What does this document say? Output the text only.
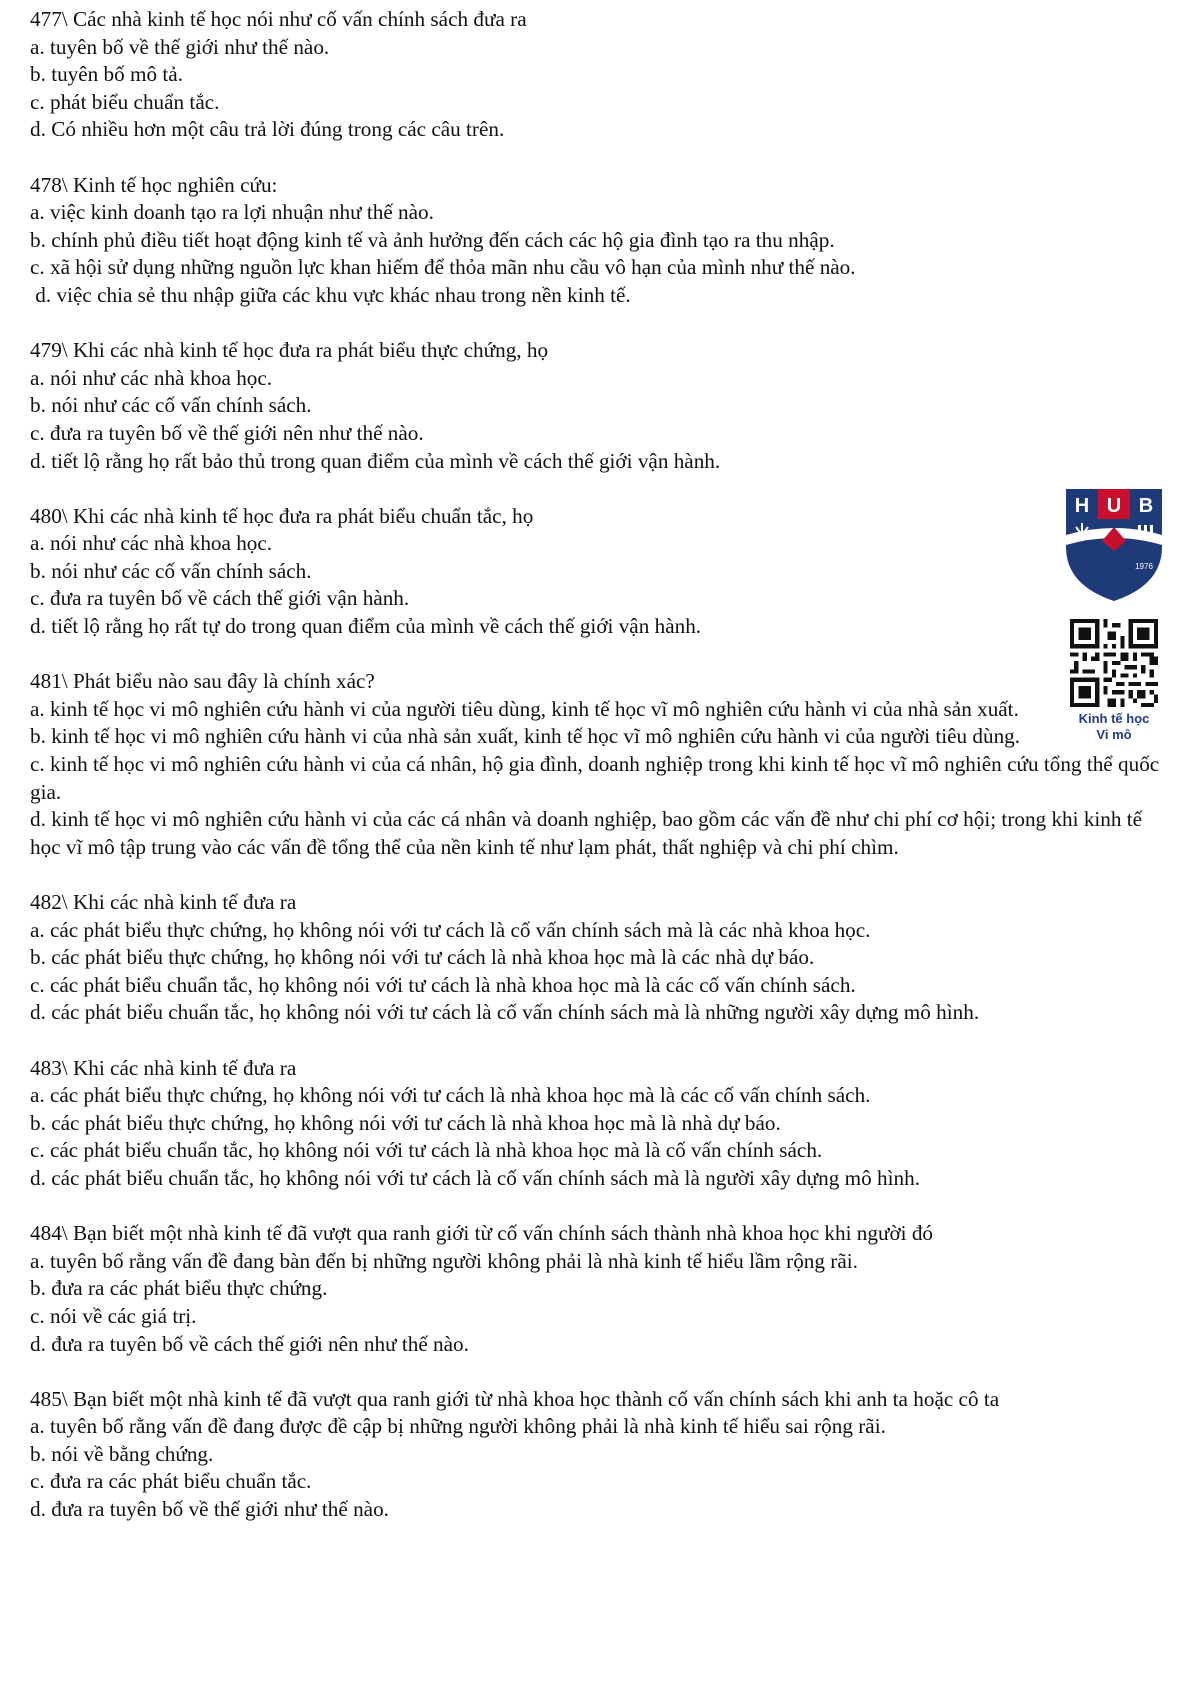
477\ Các nhà kinh tế học nói như cố vấn chính sách đưa ra

a. tuyên bố về thế giới như thế nào.

b. tuyên bố mô tả.

c. phát biểu chuẩn tắc.

d. Có nhiều hơn một câu trả lời đúng trong các câu trên.

478\ Kinh tế học nghiên cứu:

a. việc kinh doanh tạo ra lợi nhuận như thế nào.

b. chính phủ điều tiết hoạt động kinh tế và ảnh hưởng đến cách các hộ gia đình tạo ra thu nhập.

c. xã hội sử dụng những nguồn lực khan hiếm để thỏa mãn nhu cầu vô hạn của mình như thế nào.

d. việc chia sẻ thu nhập giữa các khu vực khác nhau trong nền kinh tế.

479\ Khi các nhà kinh tế học đưa ra phát biểu thực chứng, họ

a. nói như các nhà khoa học.

b. nói như các cố vấn chính sách.

c. đưa ra tuyên bố về thế giới nên như thế nào.

d. tiết lộ rằng họ rất bảo thủ trong quan điểm của mình về cách thế giới vận hành.

480\ Khi các nhà kinh tế học đưa ra phát biểu chuẩn tắc, họ

a. nói như các nhà khoa học.

b. nói như các cố vấn chính sách.

c. đưa ra tuyên bố về cách thế giới vận hành.

d. tiết lộ rằng họ rất tự do trong quan điểm của mình về cách thế giới vận hành.

481\ Phát biểu nào sau đây là chính xác?

a. kinh tế học vi mô nghiên cứu hành vi của người tiêu dùng, kinh tế học vĩ mô nghiên cứu hành vi của nhà sản xuất.

b. kinh tế học vi mô nghiên cứu hành vi của nhà sản xuất, kinh tế học vĩ mô nghiên cứu hành vi của người tiêu dùng.

c. kinh tế học vi mô nghiên cứu hành vi của cá nhân, hộ gia đình, doanh nghiệp trong khi kinh tế học vĩ mô nghiên cứu tổng thể quốc gia.

d. kinh tế học vi mô nghiên cứu hành vi của các cá nhân và doanh nghiệp, bao gồm các vấn đề như chi phí cơ hội; trong khi kinh tế học vĩ mô tập trung vào các vấn đề tổng thể của nền kinh tế như lạm phát, thất nghiệp và chi phí chìm.

482\ Khi các nhà kinh tế đưa ra

a. các phát biểu thực chứng, họ không nói với tư cách là cố vấn chính sách mà là các nhà khoa học.

b. các phát biểu thực chứng, họ không nói với tư cách là nhà khoa học mà là các nhà dự báo.

c. các phát biểu chuẩn tắc, họ không nói với tư cách là nhà khoa học mà là các cố vấn chính sách.

d. các phát biểu chuẩn tắc, họ không nói với tư cách là cố vấn chính sách mà là những người xây dựng mô hình.

483\ Khi các nhà kinh tế đưa ra

a. các phát biểu thực chứng, họ không nói với tư cách là nhà khoa học mà là các cố vấn chính sách.

b. các phát biểu thực chứng, họ không nói với tư cách là nhà khoa học mà là nhà dự báo.

c. các phát biểu chuẩn tắc, họ không nói với tư cách là nhà khoa học mà là cố vấn chính sách.

d. các phát biểu chuẩn tắc, họ không nói với tư cách là cố vấn chính sách mà là người xây dựng mô hình.

484\ Bạn biết một nhà kinh tế đã vượt qua ranh giới từ cố vấn chính sách thành nhà khoa học khi người đó

a. tuyên bố rằng vấn đề đang bàn đến bị những người không phải là nhà kinh tế hiểu lầm rộng rãi.

b. đưa ra các phát biểu thực chứng.

c. nói về các giá trị.

d. đưa ra tuyên bố về cách thế giới nên như thế nào.

485\ Bạn biết một nhà kinh tế đã vượt qua ranh giới từ nhà khoa học thành cố vấn chính sách khi anh ta hoặc cô ta

a. tuyên bố rằng vấn đề đang được đề cập bị những người không phải là nhà kinh tế hiểu sai rộng rãi.

b. nói về bằng chứng.

c. đưa ra các phát biểu chuẩn tắc.

d. đưa ra tuyên bố về thế giới như thế nào.

H U B
1976
Kinh tế học
Vi mô
